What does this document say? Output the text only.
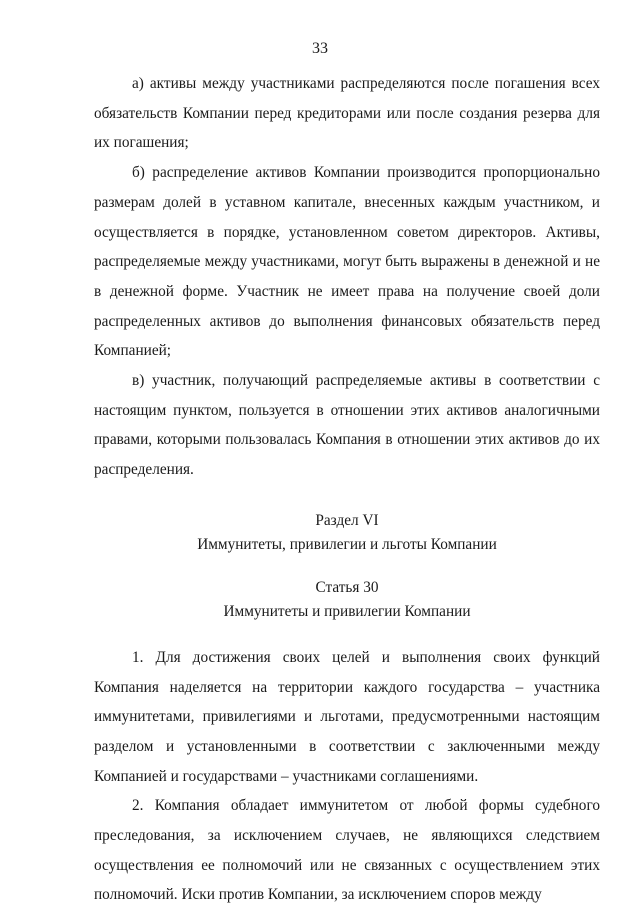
33

а) активы между участниками распределяются после погашения всех обязательств Компании перед кредиторами или после создания резерва для их погашения;

б) распределение активов Компании производится пропорционально размерам долей в уставном капитале, внесенных каждым участником, и осуществляется в порядке, установленном советом директоров. Активы, распределяемые между участниками, могут быть выражены в денежной и не в денежной форме. Участник не имеет права на получение своей доли распределенных активов до выполнения финансовых обязательств перед Компанией;

в) участник, получающий распределяемые активы в соответствии с настоящим пунктом, пользуется в отношении этих активов аналогичными правами, которыми пользовалась Компания в отношении этих активов до их распределения.

Раздел VI

Иммунитеты, привилегии и льготы Компании

Статья 30

Иммунитеты и привилегии Компании

1. Для достижения своих целей и выполнения своих функций Компания наделяется на территории каждого государства – участника иммунитетами, привилегиями и льготами, предусмотренными настоящим разделом и установленными в соответствии с заключенными между Компанией и государствами – участниками соглашениями.

2. Компания обладает иммунитетом от любой формы судебного преследования, за исключением случаев, не являющихся следствием осуществления ее полномочий или не связанных с осуществлением этих полномочий. Иски против Компании, за исключением споров между
